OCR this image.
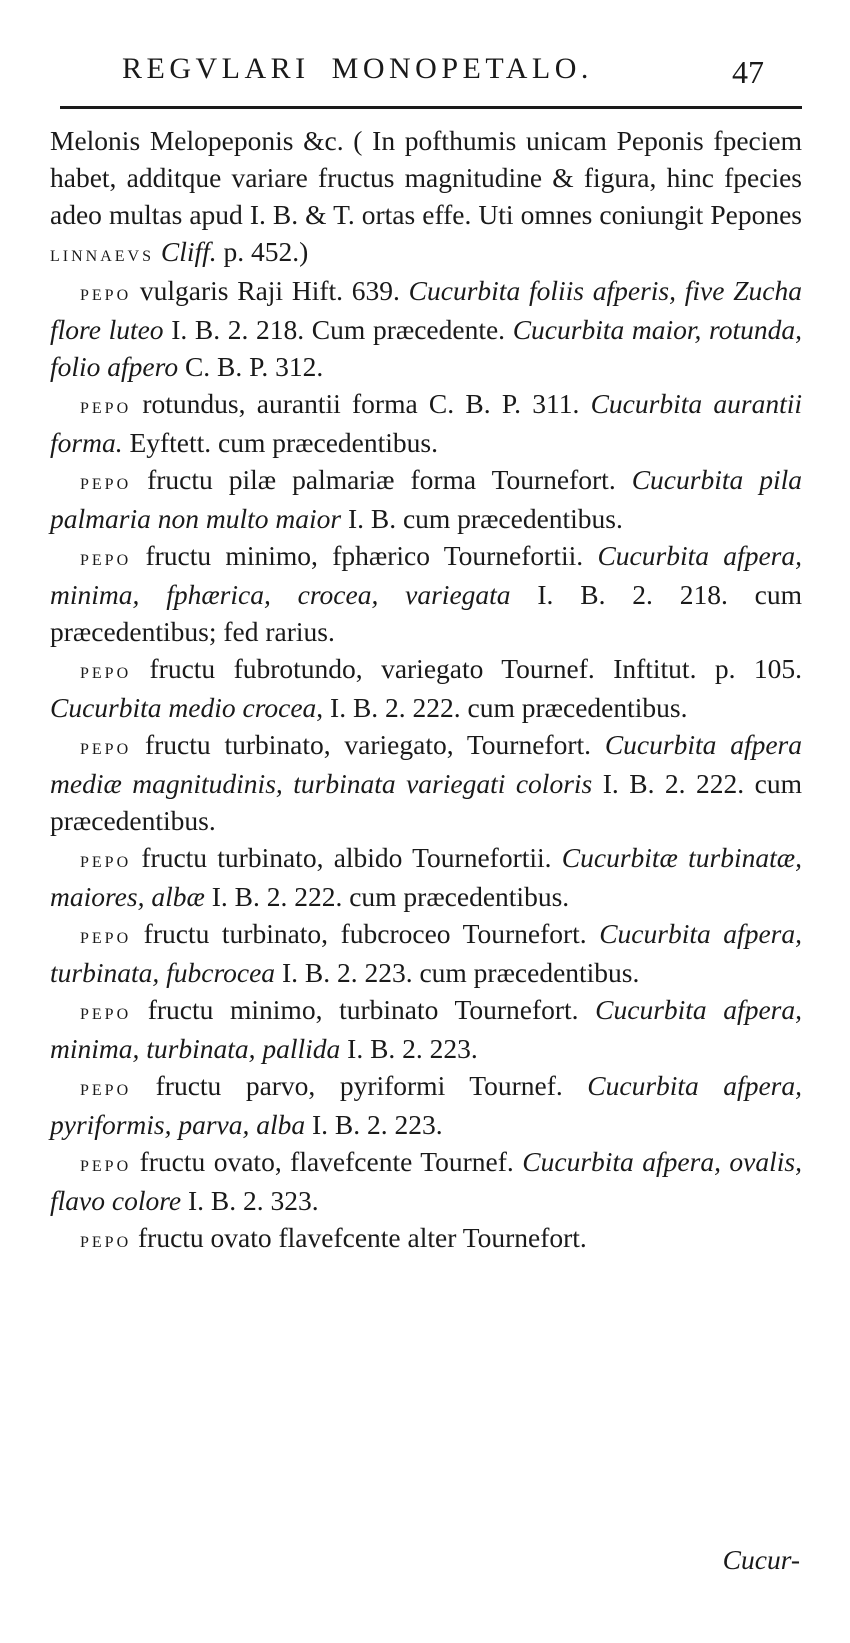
REGVLARI MONOPETALO.	47

Melonis Melopeponis &c. ( In pofthumis unicam Peponis fpeciem habet, additque variare fructus magnitudine & figura, hinc fpecies adeo multas apud I. B. & T. ortas effe. Uti omnes coniungit Pepones linnaevs Cliff. p. 452.)

pepo vulgaris Raji Hift. 639. Cucurbita foliis afperis, five Zucha flore luteo I. B. 2. 218. Cum præcedente. Cucurbita maior, rotunda, folio afpero C. B. P. 312.

pepo rotundus, aurantii forma C. B. P. 311. Cucurbita aurantii forma. Eyftett. cum præcedentibus.

pepo fructu pilæ palmariæ forma Tournefort. Cucurbita pila palmaria non multo maior I. B. cum præcedentibus.

pepo fructu minimo, fphærico Tournefortii. Cucurbita afpera, minima, fphærica, crocea, variegata I. B. 2. 218. cum præcedentibus; fed rarius.

pepo fructu fubrotundo, variegato Tournef. Inftitut. p. 105. Cucurbita medio crocea, I. B. 2. 222. cum præcedentibus.

pepo fructu turbinato, variegato, Tournefort. Cucurbita afpera mediæ magnitudinis, turbinata variegati coloris I. B. 2. 222. cum præcedentibus.

pepo fructu turbinato, albido Tournefortii. Cucurbitæ turbinatæ, maiores, albæ I. B. 2. 222. cum præcedentibus.

pepo fructu turbinato, fubcroceo Tournefort. Cucurbita afpera, turbinata, fubcrocea I. B. 2. 223. cum præcedentibus.

pepo fructu minimo, turbinato Tournefort. Cucurbita afpera, minima, turbinata, pallida I. B. 2. 223.

pepo fructu parvo, pyriformi Tournef. Cucurbita afpera, pyriformis, parva, alba I. B. 2. 223.

pepo fructu ovato, flavefcente Tournef. Cucurbita afpera, ovalis, flavo colore I. B. 2. 323.

pepo fructu ovato flavefcente alter Tournefort.

Cucur-
